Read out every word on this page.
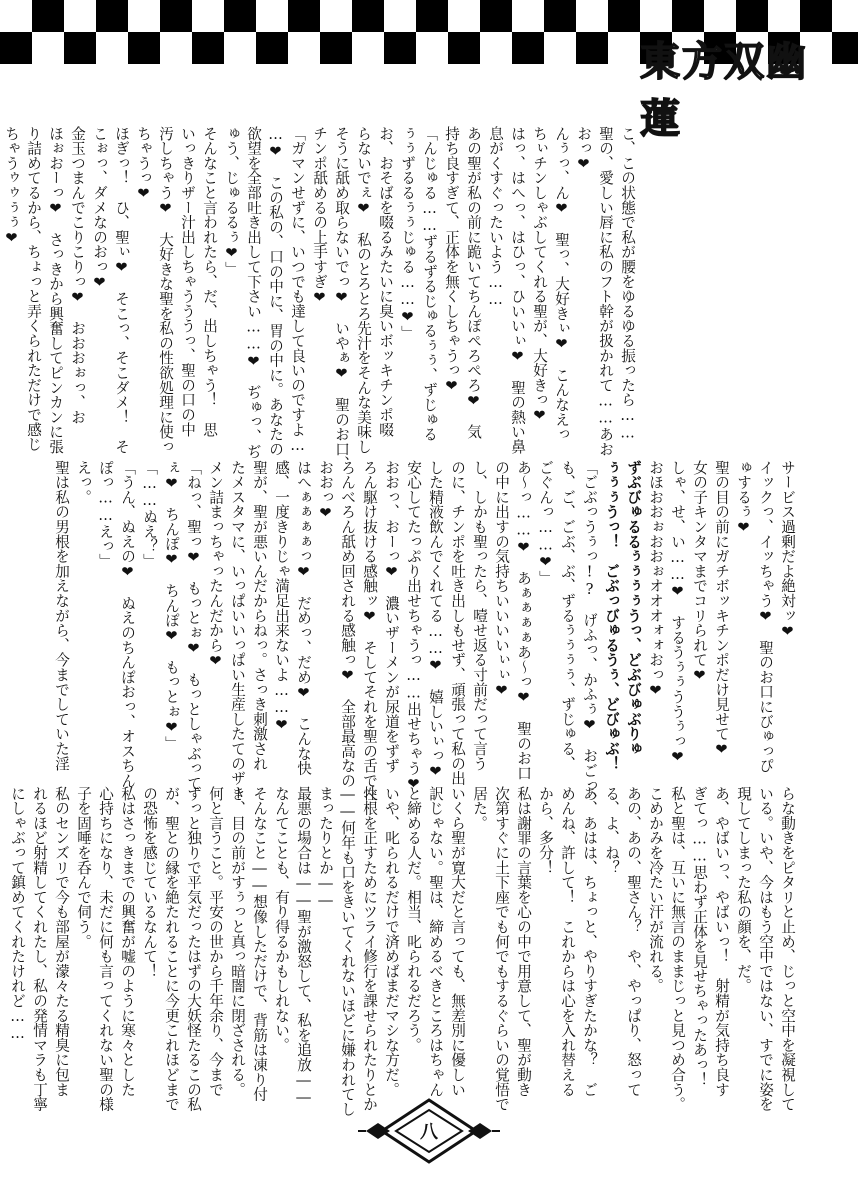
東方双幽蓮
こ、この状態で私が腰をゆるゆる振ったら……
聖の、愛しい唇に私のフト幹が扱かれて……あお
おっ❤
んぅっ、ん❤　聖っ、大好きぃ❤　こんなえっ
ちぃチンしゃぶしてくれる聖が、大好きっ❤
はっ、はへっ、はひっ、ひいいぃ❤　聖の熱い鼻
息がくすぐったいよう……
あの聖が私の前に跪いてちんぽぺろぺろ❤　気
持ち良すぎて、正体を無くしちゃうっ❤
「んじゅる……ずるずるじゅるぅぅ、ずじゅる
ぅぅずるるぅぅじゅる……❤」
お、おそばを啜るみたいに臭いボッキチンポ啜
らないでぇ❤　私のとろとろ先汁をそんな美味し
そうに舐め取らないでっ❤　いやぁ❤　聖のお口、
チンポ舐めるの上手すぎ❤
「ガマンせずに、いつでも達して良いのですよ…
…❤　この私の、口の中に、胃の中に。あなたの
欲望を全部吐き出して下さい……❤　ぢゅっ、ぢ
ゅう、じゅるるぅ❤」
そんなこと言われたら、だ、出しちゃう！　思
いっきりザー汁出しちゃうううっ、聖の口の中
汚しちゃう❤　大好きな聖を私の性欲処理に使っ
ちゃうっ❤
ほぎっ！　ひ、聖ぃ❤　そこっ、そこダメ！　そ
こぉっ、ダメなのおっ❤
金玉つまんでこりこりっ❤　おおおぉっ、お
ほぉおーっ❤　さっきから興奮してピンカンに張
り詰めてるから、ちょっと弄くられただけで感じ
ちゃうゥゥぅぅ❤
サービス過剰だよ絶対ッ❤
イックっ、イッちゃう❤　聖のお口にびゅっぴ
ゅするぅ❤
聖の目の前にガチボッキチンポだけ見せて❤
女の子キンタマまでコリられて❤
しゃ、せ、い……❤　するうぅぅううぅっ❤
おほおおぉおおぉオオオォォおっ❤
ずぶびゅるるぅぅぅぅうっ、どぶびゅぶりゅ
ぅぅぅうっ！　ごぶっびゅるうぅ、どびゅぶ！
「ごぶっうぅっ!?　げふっ、かふぅ❤　おごっ、
も、ご、ごぶ、ぶ、ずるぅぅぅぅ、ずじゅる、
ごぐんっ……❤」
あ〜っ……❤　あぁぁぁぁあ〜っ❤　聖のお口
の中に出すの気持ちいいいいぃぃ❤
し、しかも聖ったら、噎せ返る寸前だって言う
のに、チンポを吐き出しもせず、頑張って私の出
した精液飲んでくれてる……❤　嬉しいぃっ❤
安心してたっぷり出せちゃうっ……出せちゃう❤
おおっ、おーっ❤　濃いザーメンが尿道をずず
ろん駆け抜ける感触ッ❤　そしてそれを聖の舌でべ
ろんべろん舐め回される感触っ❤　全部最高なの
おおっ❤
はへぁぁぁぁっ❤　だめっ、だめ❤　こんな快
感、一度きりじゃ満足出来ないよ……❤
聖が、聖が悪いんだからねっ。さっき刺激され
たメスタマに、いっぱいいっぱい生産したてのザー
メン詰まっちゃったんだから❤
「ねっ、聖っ❤　もっとぉ❤　もっとしゃぶって
ぇ❤　ちんぽ❤　ちんぽ❤　もっとぉ❤」
「……ぬえ？」
「うん、ぬえの❤　ぬえのちんぽおっ、オスちん
ぽっ……えっ」
えっ。
聖は私の男根を加えながら、今までしていた淫
らな動きをピタリと止め、じっと空中を凝視して
いる。いや、今はもう空中ではない、すでに姿を
現してしまった私の顔を、だ。
あ、やばいっ、やばいっ！　射精が気持ち良す
ぎてっ……思わず正体を見せちゃったあっ！
私と聖は、互いに無言のままじっと見つめ合う。
こめかみを冷たい汗が流れる。
あの、あの、聖さん？　や、やっぱり、怒って
る、よ、ね？
あ、あはは、ちょっと、やりすぎたかな？　ご
めんね、許して！　これからは心を入れ替える
から、多分！
私は謝罪の言葉を心の中で用意して、聖が動き
次第すぐに土下座でも何でもするぐらいの覚悟で
居た。
いくら聖が寛大だと言っても、無差別に優しい
訳じゃない。聖は、締めるべきところはちゃん
と締める人だ。相当、叱られるだろう。
いや、叱られるだけで済めばまだマシな方だ。
性根を正すためにツライ修行を課せられたりとか
――何年も口をきいてくれないほどに嫌われてし
まったりとか――
最悪の場合は――聖が激怒して、私を追放――
なんてことも、有り得るかもしれない。
そんなこと――想像しただけで、背筋は凍り付
き、目の前がすぅっと真っ暗闇に閉ざされる。
何と言うこと。平安の世から千年余り、今まで
ずっと独りで平気だったはずの大妖怪たるこの私
が、聖との縁を絶たれることに今更これほどまで
の恐怖を感じているなんて！
私はさっきまでの興奮が嘘のように寒々とした
心持ちになり、未だに何も言ってくれない聖の様
子を固唾を呑んで伺う。
私のセンズリで今も部屋が濛々たる精臭に包ま
れるほど射精してくれたし、私の発情マラも丁寧
にしゃぶって鎮めてくれたけれど……
八
